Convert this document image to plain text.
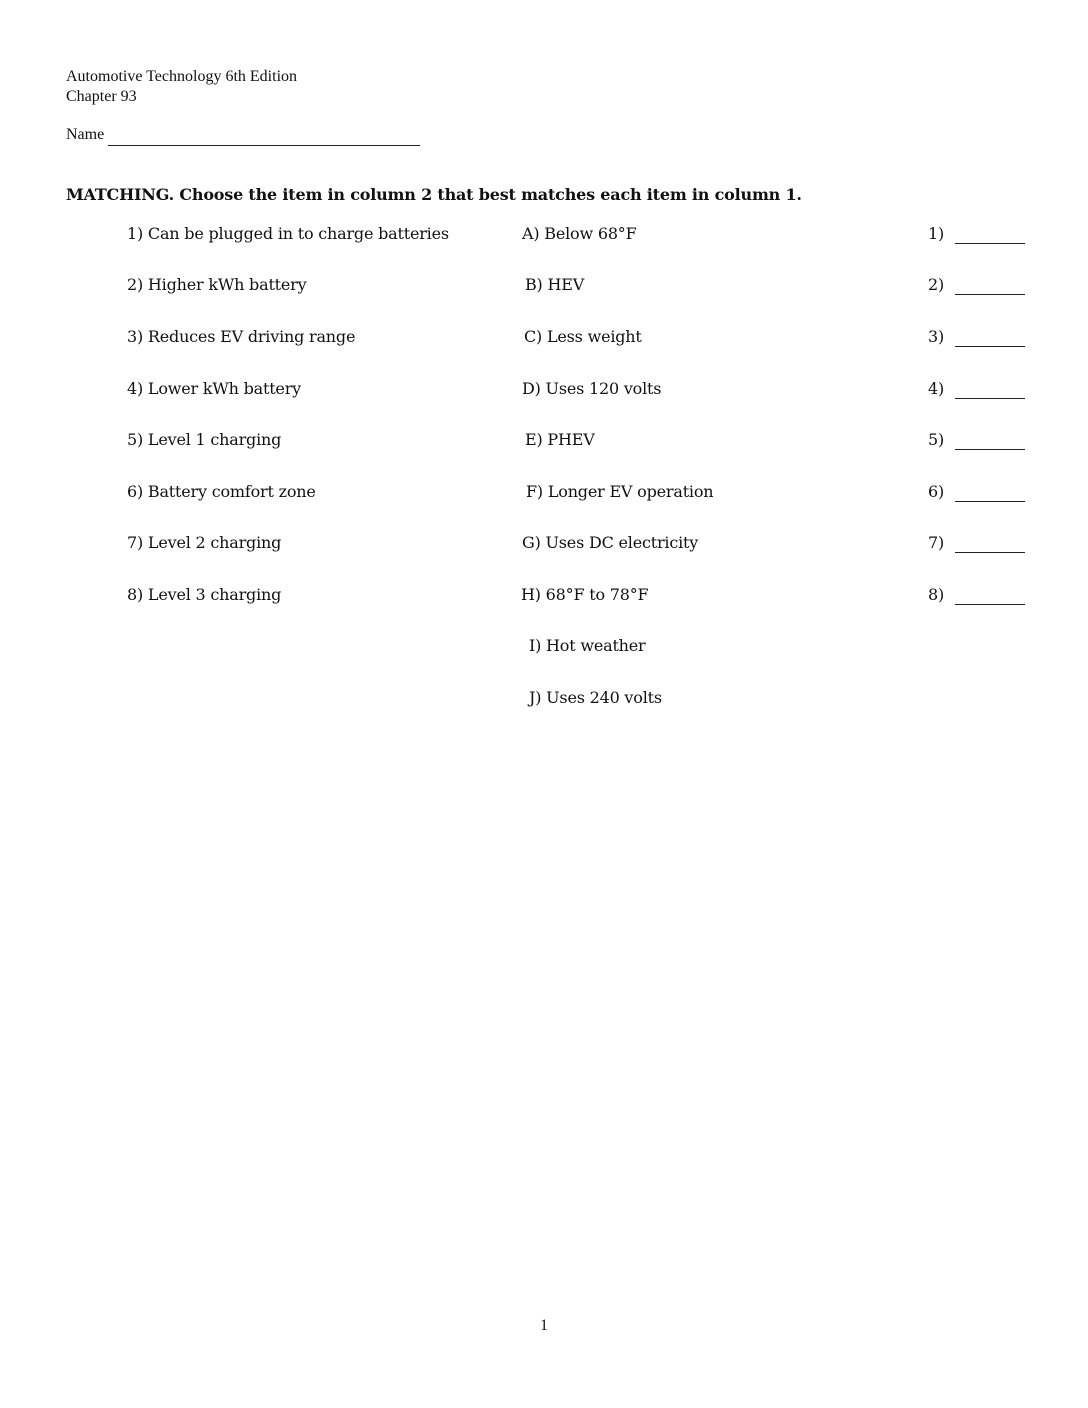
Automotive Technology 6th Edition
Chapter 93
Name
MATCHING. Choose the item in column 2 that best matches each item in column 1.
1) Can be plugged in to charge batteries
2) Higher kWh battery
3) Reduces EV driving range
4) Lower kWh battery
5) Level 1 charging
6) Battery comfort zone
7) Level 2 charging
8) Level 3 charging
A) Below 68°F
B) HEV
C) Less weight
D) Uses 120 volts
E) PHEV
F) Longer EV operation
G) Uses DC electricity
H) 68°F to 78°F
I) Hot weather
J) Uses 240 volts
1)
2)
3)
4)
5)
6)
7)
8)
1
